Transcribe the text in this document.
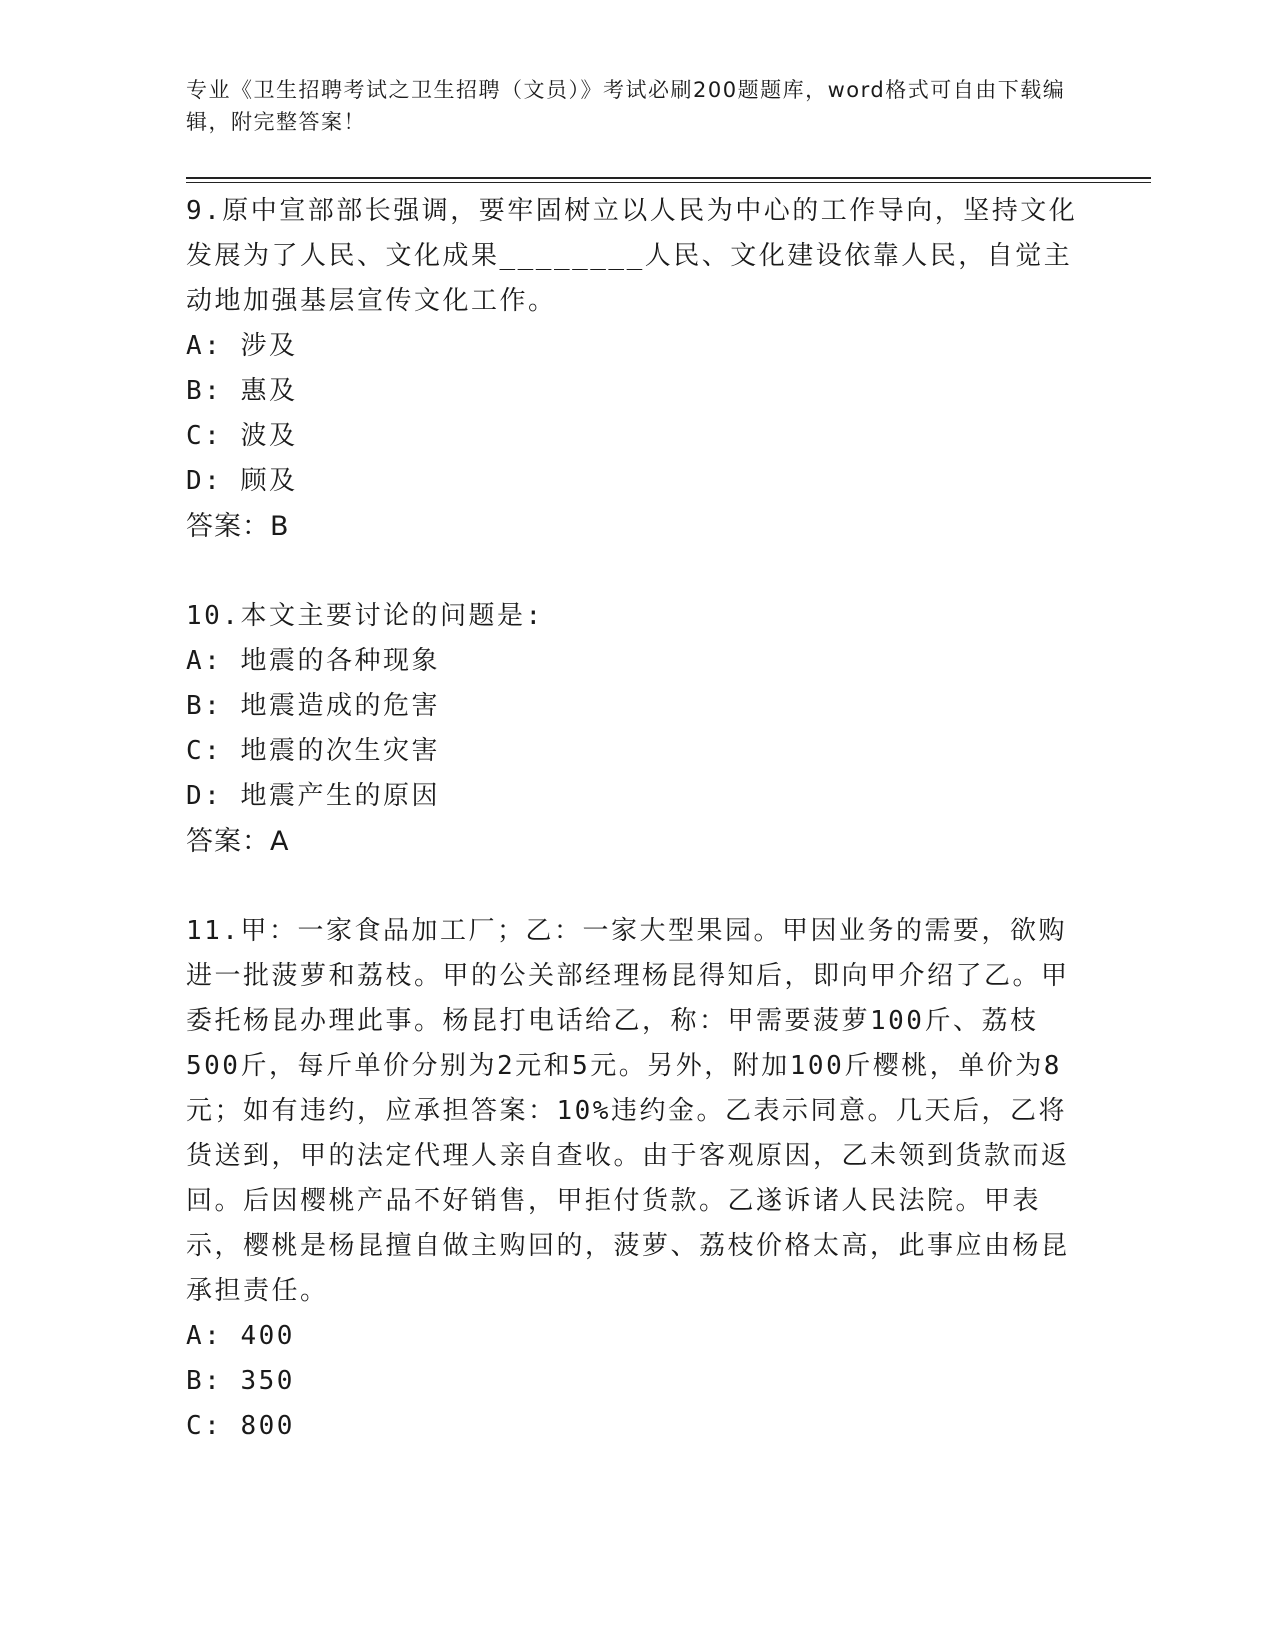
专业《卫生招聘考试之卫生招聘（文员）》考试必刷200题题库，word格式可自由下载编辑，附完整答案！

9.原中宣部部长强调，要牢固树立以人民为中心的工作导向，坚持文化发展为了人民、文化成果________人民、文化建设依靠人民，自觉主动地加强基层宣传文化工作。

A: 涉及

B: 惠及

C: 波及

D: 顾及

答案：B

10.本文主要讨论的问题是:

A: 地震的各种现象

B: 地震造成的危害

C: 地震的次生灾害

D: 地震产生的原因

答案：A

11.甲：一家食品加工厂；乙：一家大型果园。甲因业务的需要，欲购进一批菠萝和荔枝。甲的公关部经理杨昆得知后，即向甲介绍了乙。甲委托杨昆办理此事。杨昆打电话给乙，称：甲需要菠萝100斤、荔枝500斤，每斤单价分别为2元和5元。另外，附加100斤樱桃，单价为8元；如有违约，应承担答案：10%违约金。乙表示同意。几天后，乙将货送到，甲的法定代理人亲自查收。由于客观原因，乙未领到货款而返回。后因樱桃产品不好销售，甲拒付货款。乙遂诉诸人民法院。甲表示，樱桃是杨昆擅自做主购回的，菠萝、荔枝价格太高，此事应由杨昆承担责任。

A: 400

B: 350

C: 800
